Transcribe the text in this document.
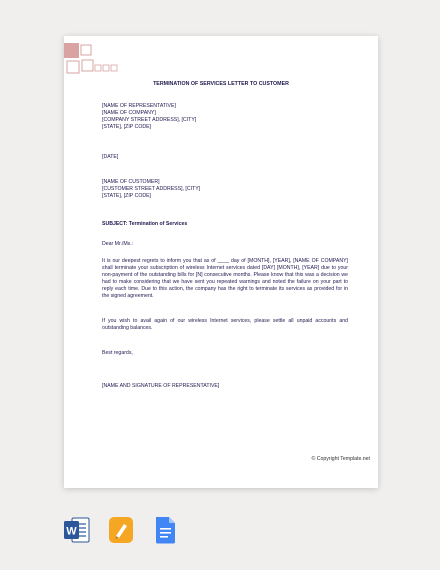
TERMINATION OF SERVICES LETTER TO CUSTOMER
[NAME OF REPRESENTATIVE]
[NAME OF COMPANY]
[COMPANY STREET ADDRESS], [CITY]
[STATE], [ZIP CODE]
[DATE]
[NAME OF CUSTOMER]
[CUSTOMER STREET ADDRESS], [CITY]
[STATE], [ZIP CODE]
SUBJECT: Termination of Services
Dear Mr./Ms.:
It is our deepest regrets to inform you that as of ____ day of [MONTH], [YEAR], [NAME OF COMPANY] shall terminate your subscription of wireless Internet services dated [DAY] [MONTH], [YEAR] due to your non-payment of the outstanding bills for [N] consecutive months. Please know that this was a decision we had to make considering that we have sent you repeated warnings and noted the failure on your part to reply each time. Due to this action, the company has the right to terminate its services as provided for in the signed agreement.
If you wish to avail again of our wireless Internet services, please settle all unpaid accounts and outstanding balances.
Best regards,
[NAME AND SIGNATURE OF REPRESENTATIVE]
© Copyright Template.net
W
